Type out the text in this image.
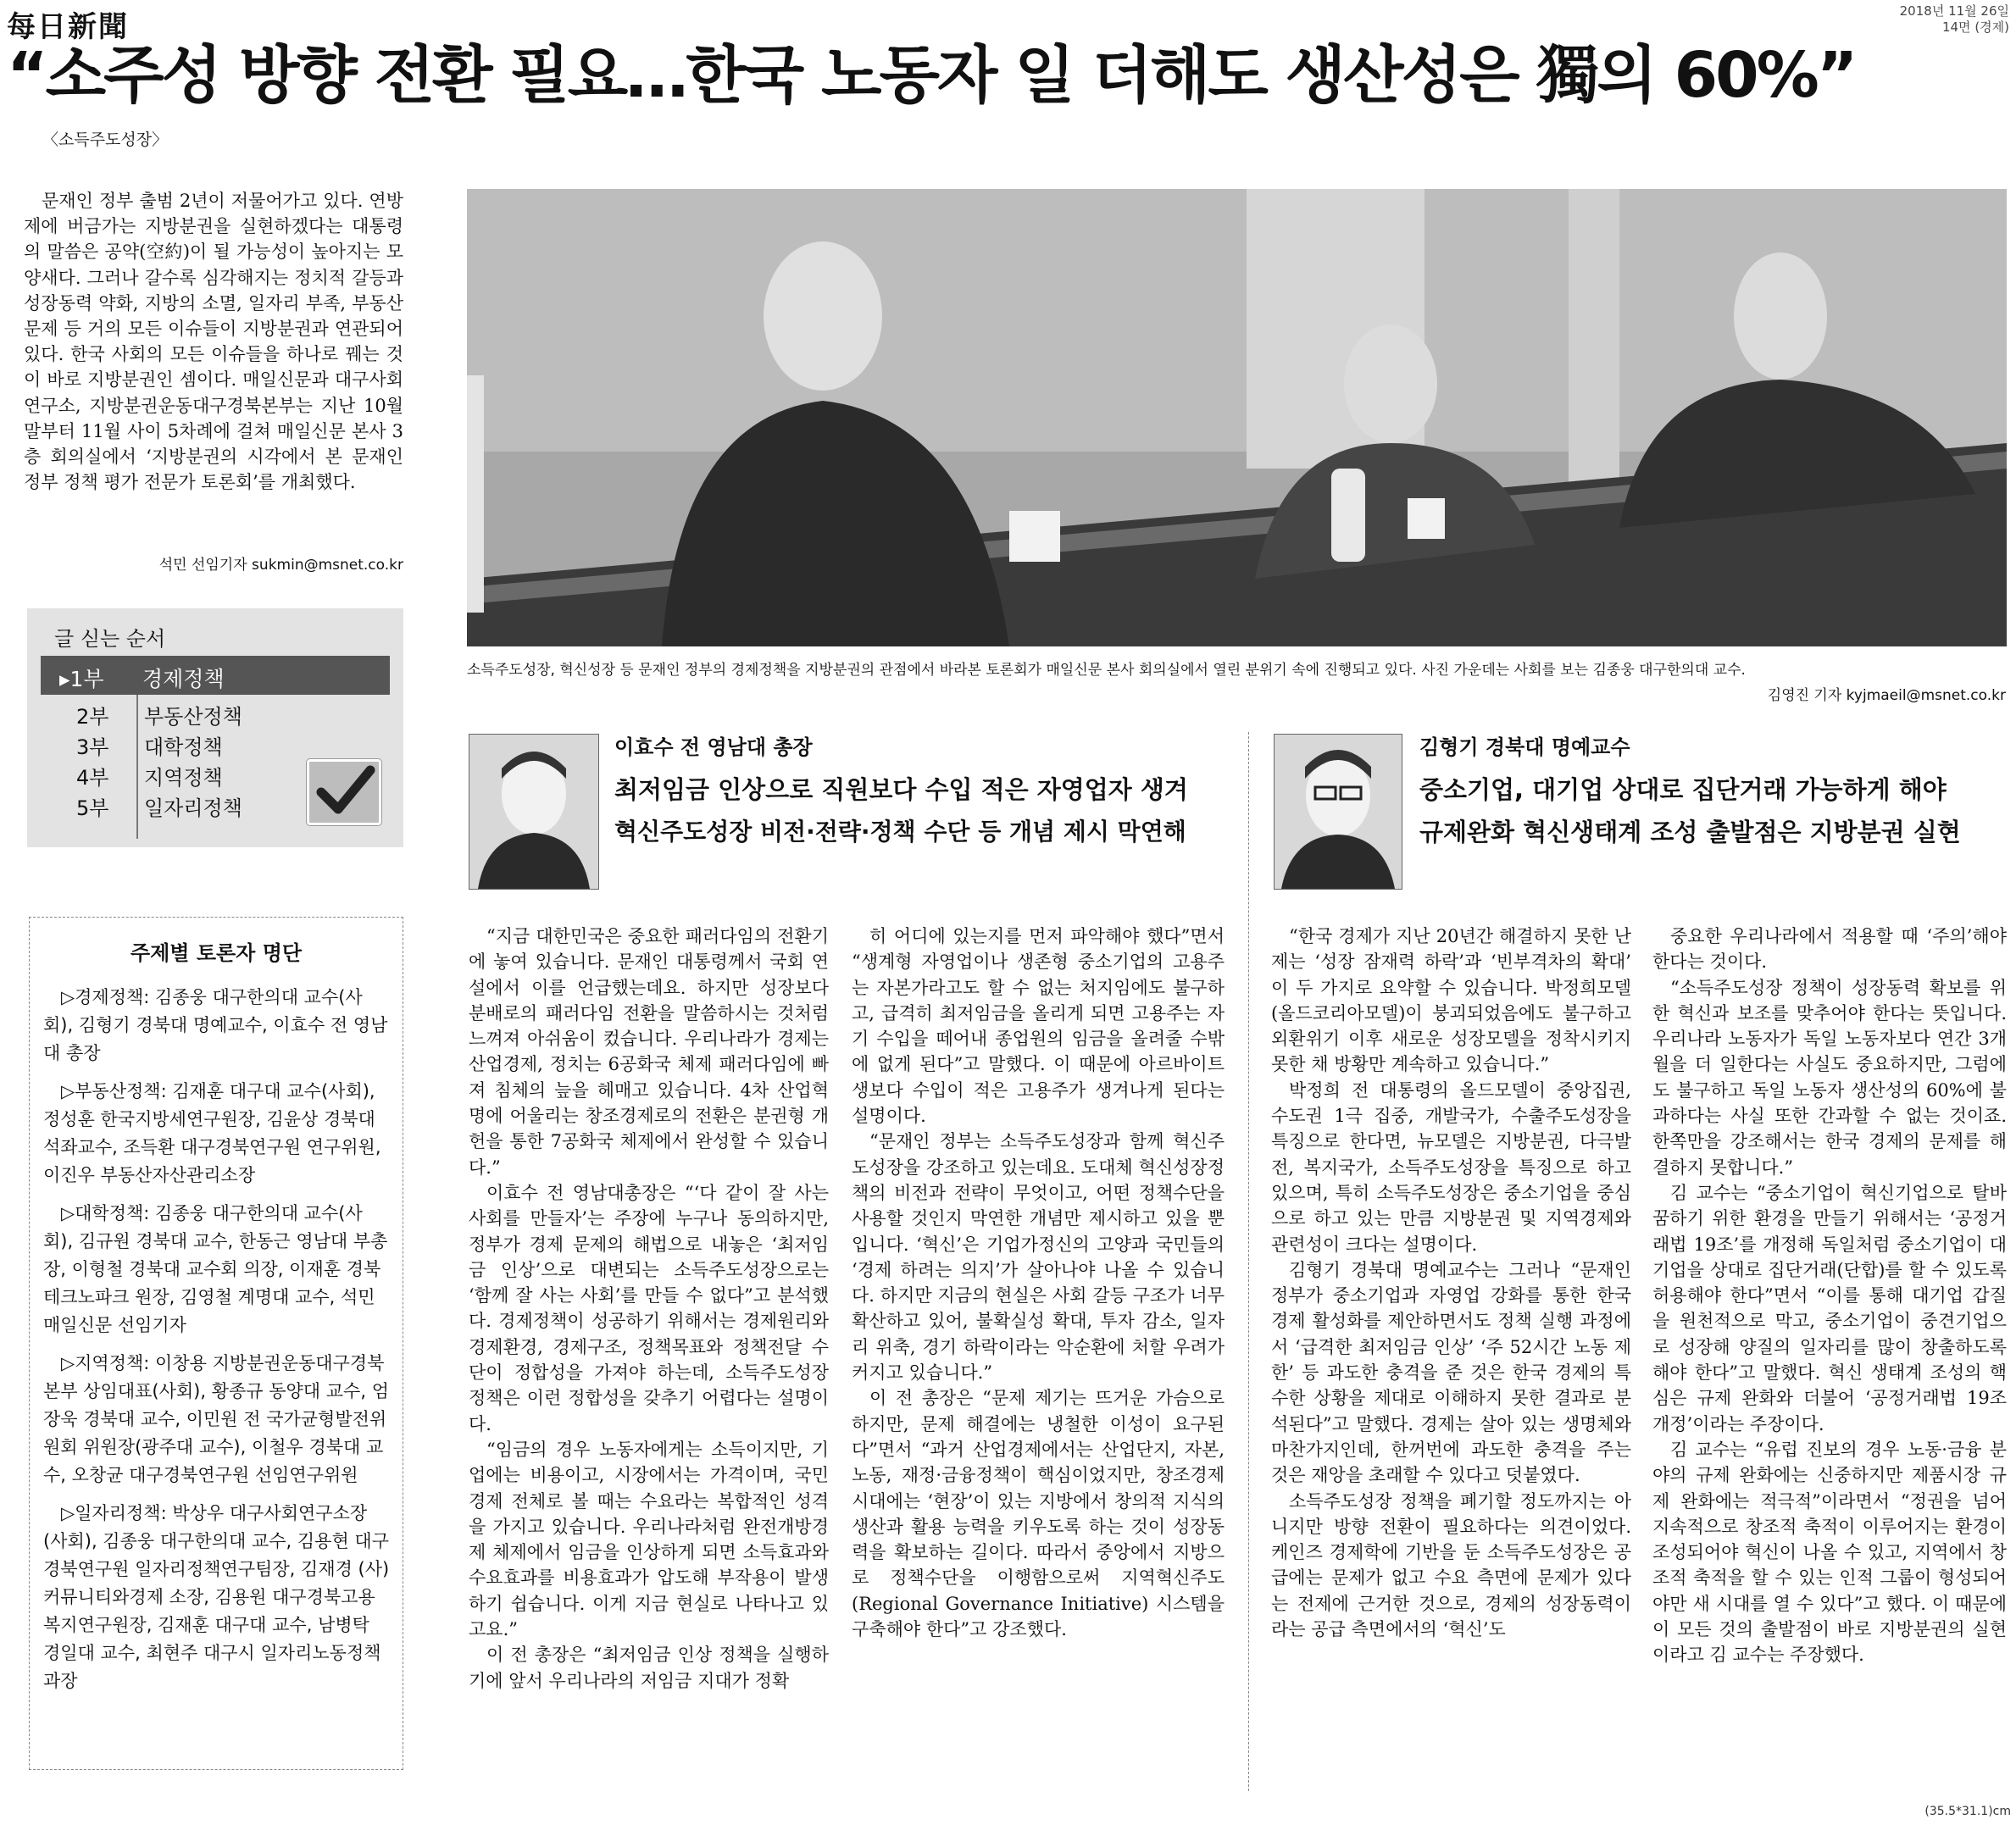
每日新聞	2018년 11월 26일
14면 (경제)
“소주성 방향 전환 필요…한국 노동자 일 더해도 생산성은 獨의 60%”
〈소득주도성장〉

문재인 정부 출범 2년이 저물어가고 있다. 연방제에 버금가는 지방분권을 실현하겠다는 대통령의 말씀은 공약(空約)이 될 가능성이 높아지는 모양새다. 그러나 갈수록 심각해지는 정치적 갈등과 성장동력 약화, 지방의 소멸, 일자리 부족, 부동산 문제 등 거의 모든 이슈들이 지방분권과 연관되어 있다. 한국 사회의 모든 이슈들을 하나로 꿰는 것이 바로 지방분권인 셈이다. 매일신문과 대구사회연구소, 지방분권운동대구경북본부는 지난 10월 말부터 11월 사이 5차례에 걸쳐 매일신문 본사 3층 회의실에서 ‘지방분권의 시각에서 본 문재인 정부 정책 평가 전문가 토론회’를 개최했다.

석민 선임기자 sukmin@msnet.co.kr
글 싣는 순서
▸1부 경제정책
2부 부동산정책
3부 대학정책
4부 지역정책
5부 일자리정책
주제별 토론자 명단

▷경제정책: 김종웅 대구한의대 교수(사회), 김형기 경북대 명예교수, 이효수 전 영남대 총장

▷부동산정책: 김재훈 대구대 교수(사회), 정성훈 한국지방세연구원장, 김윤상 경북대 석좌교수, 조득환 대구경북연구원 연구위원, 이진우 부동산자산관리소장

▷대학정책: 김종웅 대구한의대 교수(사회), 김규원 경북대 교수, 한동근 영남대 부총장, 이형철 경북대 교수회 의장, 이재훈 경북테크노파크 원장, 김영철 계명대 교수, 석민 매일신문 선임기자

▷지역정책: 이창용 지방분권운동대구경북본부 상임대표(사회), 황종규 동양대 교수, 엄장욱 경북대 교수, 이민원 전 국가균형발전위원회 위원장(광주대 교수), 이철우 경북대 교수, 오창균 대구경북연구원 선임연구위원

▷일자리정책: 박상우 대구사회연구소장(사회), 김종웅 대구한의대 교수, 김용현 대구경북연구원 일자리정책연구팀장, 김재경 (사)커뮤니티와경제 소장, 김용원 대구경북고용복지연구원장, 김재훈 대구대 교수, 남병탁 경일대 교수, 최현주 대구시 일자리노동정책과장

소득주도성장, 혁신성장 등 문재인 정부의 경제정책을 지방분권의 관점에서 바라본 토론회가 매일신문 본사 회의실에서 열린 분위기 속에 진행되고 있다. 사진 가운데는 사회를 보는 김종웅 대구한의대 교수.
김영진 기자 kyjmaeil@msnet.co.kr
이효수 전 영남대 총장
최저임금 인상으로 직원보다 수입 적은 자영업자 생겨
혁신주도성장 비전·전략·정책 수단 등 개념 제시 막연해
김형기 경북대 명예교수
중소기업, 대기업 상대로 집단거래 가능하게 해야
규제완화 혁신생태계 조성 출발점은 지방분권 실현

“지금 대한민국은 중요한 패러다임의 전환기에 놓여 있습니다. 문재인 대통령께서 국회 연설에서 이를 언급했는데요. 하지만 성장보다 분배로의 패러다임 전환을 말씀하시는 것처럼 느껴져 아쉬움이 컸습니다. 우리나라가 경제는 산업경제, 정치는 6공화국 체제 패러다임에 빠져 침체의 늪을 헤매고 있습니다. 4차 산업혁명에 어울리는 창조경제로의 전환은 분권형 개헌을 통한 7공화국 체제에서 완성할 수 있습니다.”

이효수 전 영남대총장은 “‘다 같이 잘 사는 사회를 만들자’는 주장에 누구나 동의하지만, 정부가 경제 문제의 해법으로 내놓은 ‘최저임금 인상’으로 대변되는 소득주도성장으로는 ‘함께 잘 사는 사회’를 만들 수 없다”고 분석했다. 경제정책이 성공하기 위해서는 경제원리와 경제환경, 경제구조, 정책목표와 정책전달 수단이 정합성을 가져야 하는데, 소득주도성장 정책은 이런 정합성을 갖추기 어렵다는 설명이다.

“임금의 경우 노동자에게는 소득이지만, 기업에는 비용이고, 시장에서는 가격이며, 국민경제 전체로 볼 때는 수요라는 복합적인 성격을 가지고 있습니다. 우리나라처럼 완전개방경제 체제에서 임금을 인상하게 되면 소득효과와 수요효과를 비용효과가 압도해 부작용이 발생하기 쉽습니다. 이게 지금 현실로 나타나고 있고요.”

이 전 총장은 “최저임금 인상 정책을 실행하기에 앞서 우리나라의 저임금 지대가 정확

히 어디에 있는지를 먼저 파악해야 했다”면서 “생계형 자영업이나 생존형 중소기업의 고용주는 자본가라고도 할 수 없는 처지임에도 불구하고, 급격히 최저임금을 올리게 되면 고용주는 자기 수입을 떼어내 종업원의 임금을 올려줄 수밖에 없게 된다”고 말했다. 이 때문에 아르바이트생보다 수입이 적은 고용주가 생겨나게 된다는 설명이다.

“문재인 정부는 소득주도성장과 함께 혁신주도성장을 강조하고 있는데요. 도대체 혁신성장정책의 비전과 전략이 무엇이고, 어떤 정책수단을 사용할 것인지 막연한 개념만 제시하고 있을 뿐입니다. ‘혁신’은 기업가정신의 고양과 국민들의 ‘경제 하려는 의지’가 살아나야 나올 수 있습니다. 하지만 지금의 현실은 사회 갈등 구조가 너무 확산하고 있어, 불확실성 확대, 투자 감소, 일자리 위축, 경기 하락이라는 악순환에 처할 우려가 커지고 있습니다.”

이 전 총장은 “문제 제기는 뜨거운 가슴으로 하지만, 문제 해결에는 냉철한 이성이 요구된다”면서 “과거 산업경제에서는 산업단지, 자본, 노동, 재정·금융정책이 핵심이었지만, 창조경제 시대에는 ‘현장’이 있는 지방에서 창의적 지식의 생산과 활용 능력을 키우도록 하는 것이 성장동력을 확보하는 길이다. 따라서 중앙에서 지방으로 정책수단을 이행함으로써 지역혁신주도(Regional Governance Initiative) 시스템을 구축해야 한다”고 강조했다.

“한국 경제가 지난 20년간 해결하지 못한 난제는 ‘성장 잠재력 하락’과 ‘빈부격차의 확대’ 이 두 가지로 요약할 수 있습니다. 박정희모델(올드코리아모델)이 붕괴되었음에도 불구하고 외환위기 이후 새로운 성장모델을 정착시키지 못한 채 방황만 계속하고 있습니다.”

박정희 전 대통령의 올드모델이 중앙집권, 수도권 1극 집중, 개발국가, 수출주도성장을 특징으로 한다면, 뉴모델은 지방분권, 다극발전, 복지국가, 소득주도성장을 특징으로 하고 있으며, 특히 소득주도성장은 중소기업을 중심으로 하고 있는 만큼 지방분권 및 지역경제와 관련성이 크다는 설명이다.

김형기 경북대 명예교수는 그러나 “문재인 정부가 중소기업과 자영업 강화를 통한 한국 경제 활성화를 제안하면서도 정책 실행 과정에서 ‘급격한 최저임금 인상’ ‘주 52시간 노동 제한’ 등 과도한 충격을 준 것은 한국 경제의 특수한 상황을 제대로 이해하지 못한 결과로 분석된다”고 말했다. 경제는 살아 있는 생명체와 마찬가지인데, 한꺼번에 과도한 충격을 주는 것은 재앙을 초래할 수 있다고 덧붙였다.

소득주도성장 정책을 폐기할 정도까지는 아니지만 방향 전환이 필요하다는 의견이었다. 케인즈 경제학에 기반을 둔 소득주도성장은 공급에는 문제가 없고 수요 측면에 문제가 있다는 전제에 근거한 것으로, 경제의 성장동력이라는 공급 측면에서의 ‘혁신’도

중요한 우리나라에서 적용할 때 ‘주의’해야 한다는 것이다.

“소득주도성장 정책이 성장동력 확보를 위한 혁신과 보조를 맞추어야 한다는 뜻입니다. 우리나라 노동자가 독일 노동자보다 연간 3개월을 더 일한다는 사실도 중요하지만, 그럼에도 불구하고 독일 노동자 생산성의 60%에 불과하다는 사실 또한 간과할 수 없는 것이죠. 한쪽만을 강조해서는 한국 경제의 문제를 해결하지 못합니다.”

김 교수는 “중소기업이 혁신기업으로 탈바꿈하기 위한 환경을 만들기 위해서는 ‘공정거래법 19조’를 개정해 독일처럼 중소기업이 대기업을 상대로 집단거래(단합)를 할 수 있도록 허용해야 한다”면서 “이를 통해 대기업 갑질을 원천적으로 막고, 중소기업이 중견기업으로 성장해 양질의 일자리를 많이 창출하도록 해야 한다”고 말했다. 혁신 생태계 조성의 핵심은 규제 완화와 더불어 ‘공정거래법 19조 개정’이라는 주장이다.

김 교수는 “유럽 진보의 경우 노동·금융 분야의 규제 완화에는 신중하지만 제품시장 규제 완화에는 적극적”이라면서 “정권을 넘어 지속적으로 창조적 축적이 이루어지는 환경이 조성되어야 혁신이 나올 수 있고, 지역에서 창조적 축적을 할 수 있는 인적 그룹이 형성되어야만 새 시대를 열 수 있다”고 했다. 이 때문에 이 모든 것의 출발점이 바로 지방분권의 실현이라고 김 교수는 주장했다.

(35.5*31.1)cm
